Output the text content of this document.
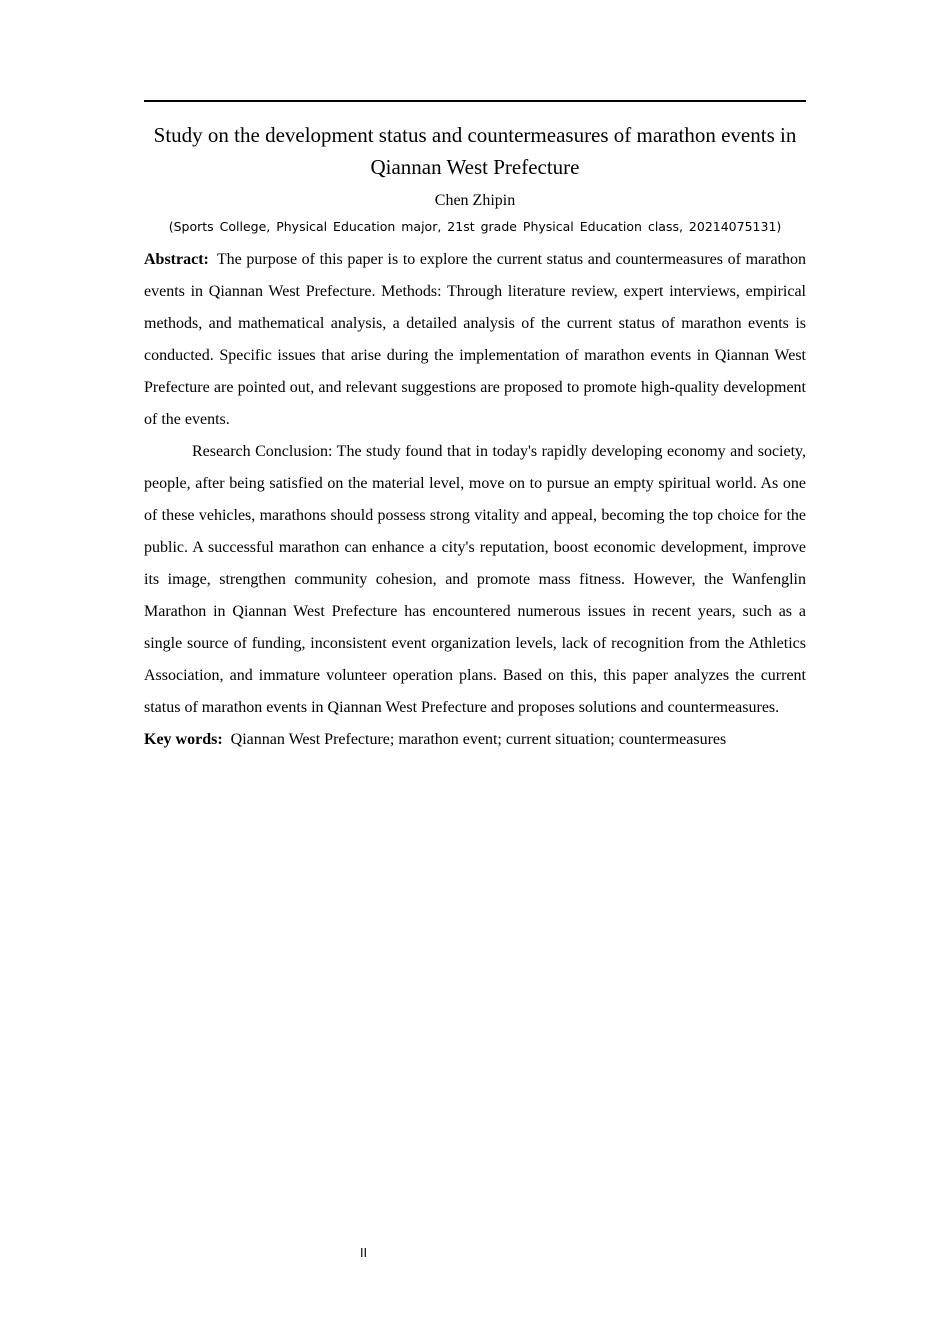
Study on the development status and countermeasures of marathon events in Qiannan West Prefecture
Chen Zhipin
(Sports College, Physical Education major, 21st grade Physical Education class, 20214075131)

Abstract: The purpose of this paper is to explore the current status and countermeasures of marathon events in Qiannan West Prefecture. Methods: Through literature review, expert interviews, empirical methods, and mathematical analysis, a detailed analysis of the current status of marathon events is conducted. Specific issues that arise during the implementation of marathon events in Qiannan West Prefecture are pointed out, and relevant suggestions are proposed to promote high-quality development of the events.

Research Conclusion: The study found that in today's rapidly developing economy and society, people, after being satisfied on the material level, move on to pursue an empty spiritual world. As one of these vehicles, marathons should possess strong vitality and appeal, becoming the top choice for the public. A successful marathon can enhance a city's reputation, boost economic development, improve its image, strengthen community cohesion, and promote mass fitness. However, the Wanfenglin Marathon in Qiannan West Prefecture has encountered numerous issues in recent years, such as a single source of funding, inconsistent event organization levels, lack of recognition from the Athletics Association, and immature volunteer operation plans. Based on this, this paper analyzes the current status of marathon events in Qiannan West Prefecture and proposes solutions and countermeasures.

Key words: Qiannan West Prefecture; marathon event; current situation; countermeasures

II
